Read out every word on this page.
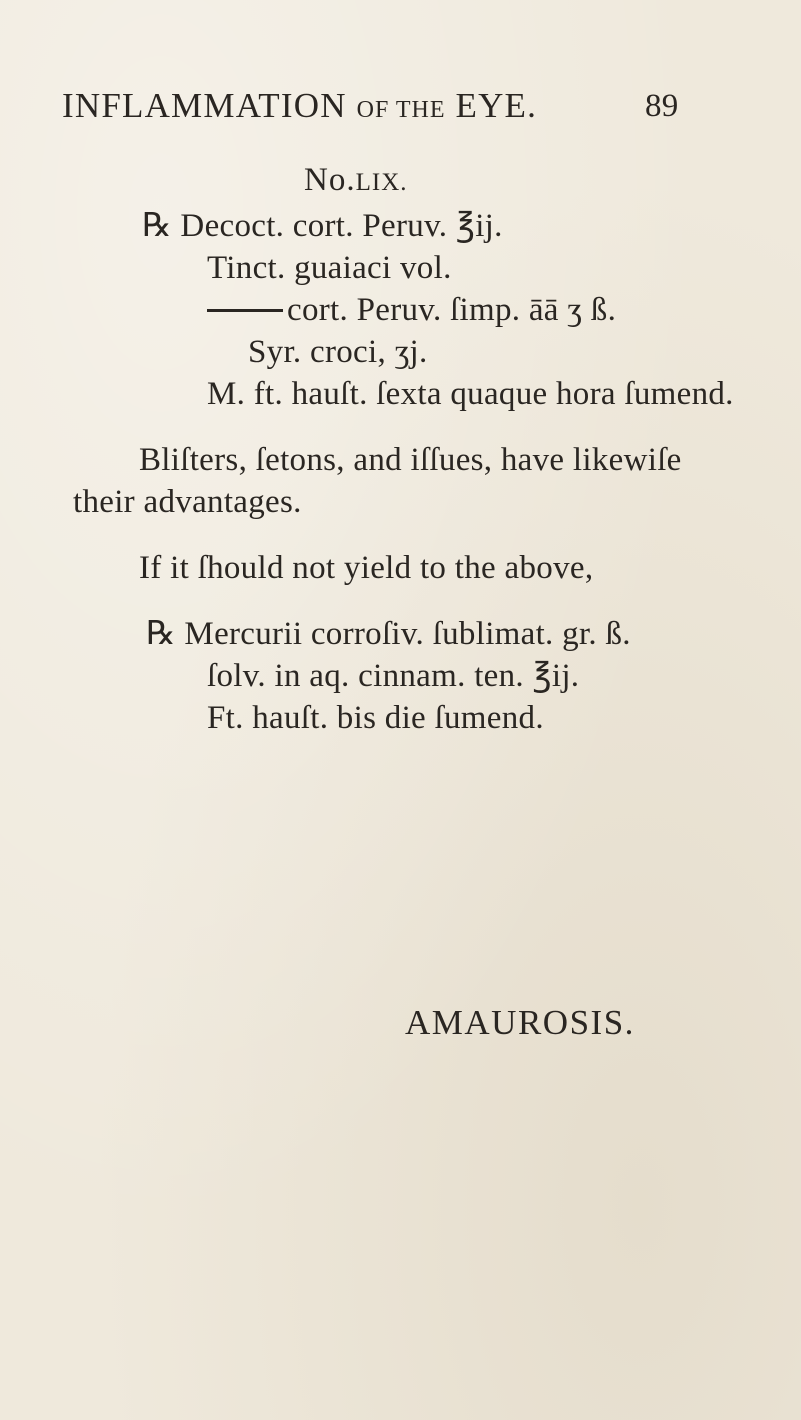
INFLAMMATION OF THE EYE.	89
No.LIX.
℞ Decoct. cort. Peruv. ℥ij.
Tinct. guaiaci vol.
cort. Peruv. ſimp. āā ʒ ß.
Syr. croci, ʒj.
M. ft. hauſt. ſexta quaque hora ſumend.
Bliſters, ſetons, and iſſues, have likewiſe
their advantages.
If it ſhould not yield to the above,
℞ Mercurii corroſiv. ſublimat. gr. ß.
ſolv. in aq. cinnam. ten. ℥ij.
Ft. hauſt. bis die ſumend.
AMAUROSIS.
